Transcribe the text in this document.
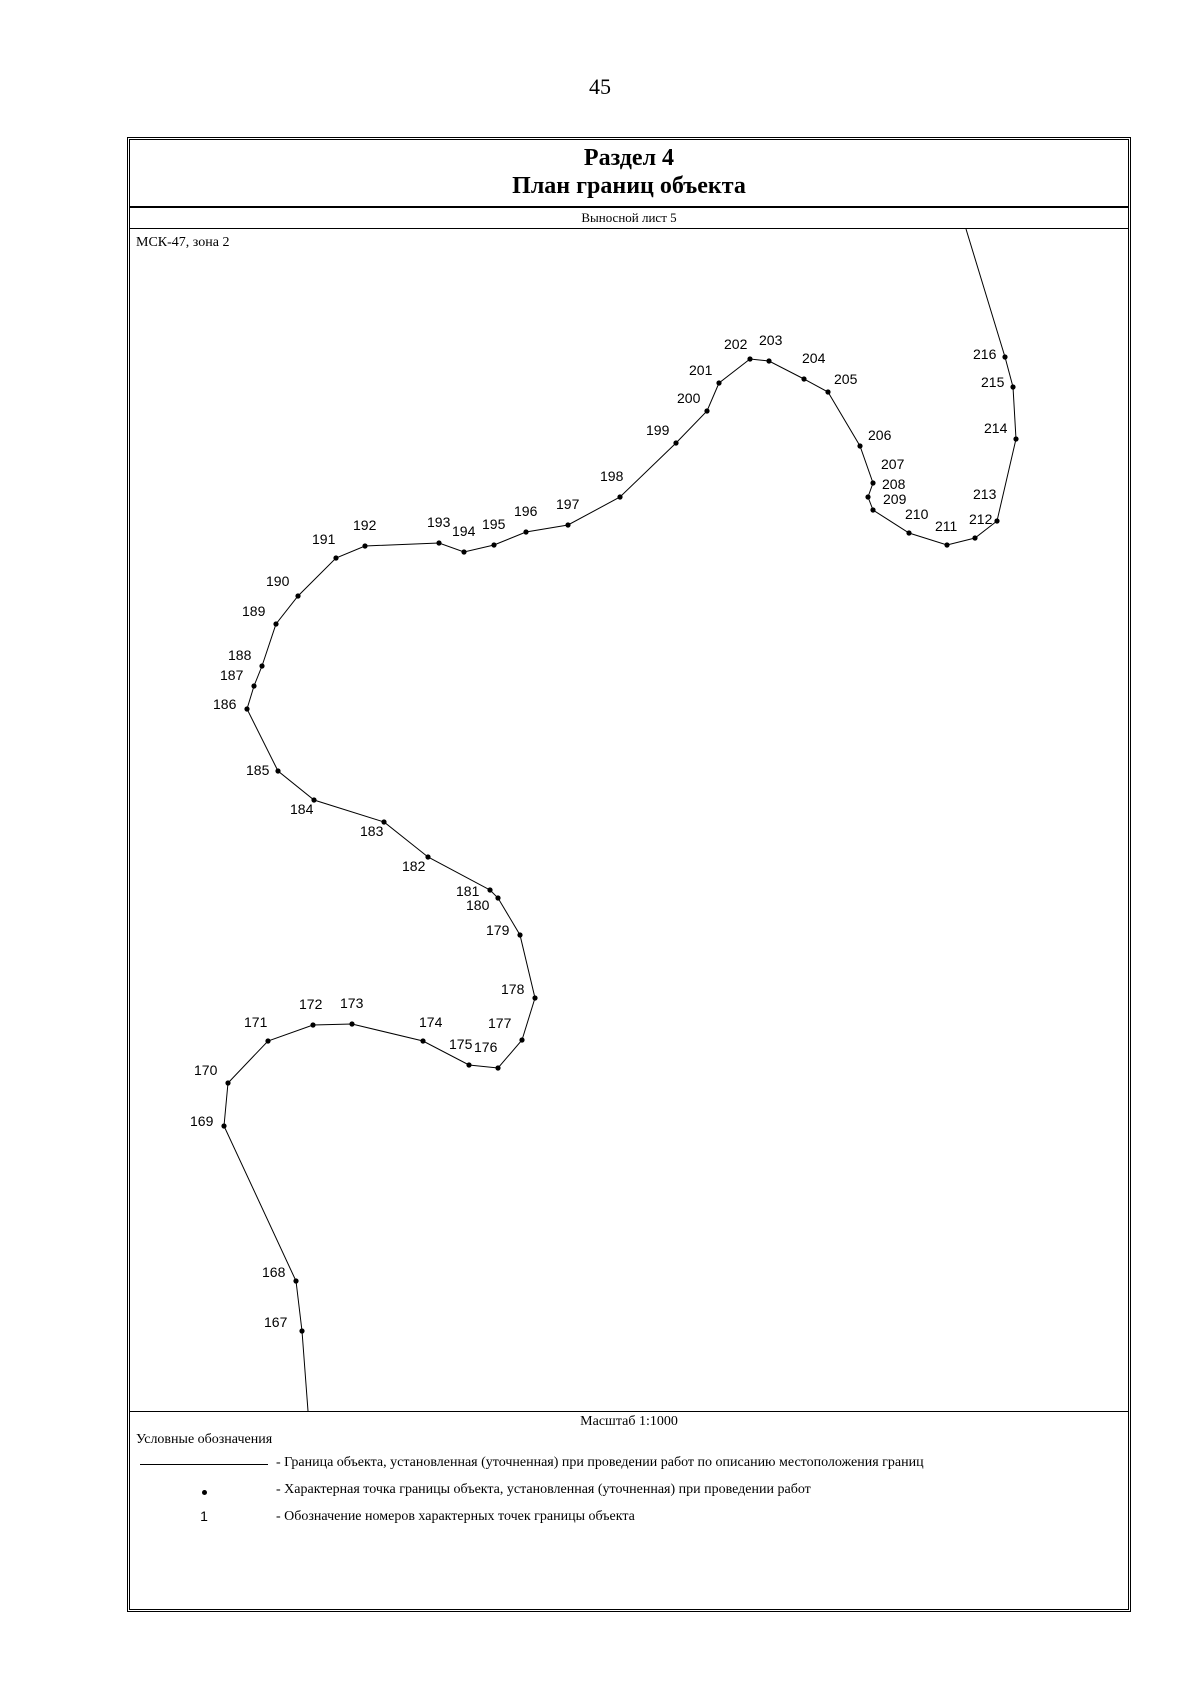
45
Раздел 4
План границ объекта
Выносной лист 5
МСК-47, зона 2
167
168
169
170
171
172 173
174
175 176
177
178
179
180
181
182
183
184
185
186
187
188
189
190
191
192	193
194 195
196 197
198
199
200
201
202 203
204
205
206
207
208
209
210
211 212
213
214
215
216
Масштаб 1:1000
Условные обозначения
- Граница объекта, установленная (уточненная) при проведении работ по описанию местоположения границ
- Характерная точка границы объекта, установленная (уточненная) при проведении работ
1	- Обозначение номеров характерных точек границы объекта
